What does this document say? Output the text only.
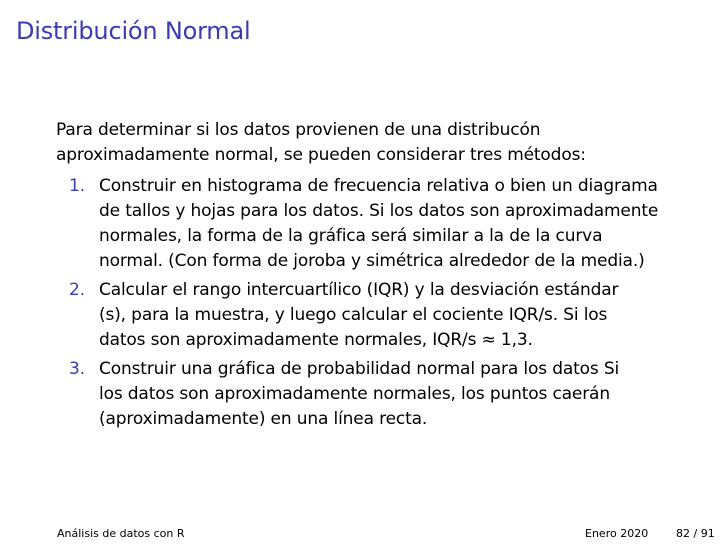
Distribución Normal

Para determinar si los datos provienen de una distribucón
aproximadamente normal, se pueden considerar tres métodos:

1. Construir en histograma de frecuencia relativa o bien un diagrama
de tallos y hojas para los datos. Si los datos son aproximadamente
normales, la forma de la gráfica será similar a la de la curva
normal. (Con forma de joroba y simétrica alrededor de la media.)
2. Calcular el rango intercuartílico (IQR) y la desviación estándar
(s), para la muestra, y luego calcular el cociente IQR/s. Si los
datos son aproximadamente normales, IQR/s ≈ 1,3.
3. Construir una gráfica de probabilidad normal para los datos Si
los datos son aproximadamente normales, los puntos caerán
(aproximadamente) en una línea recta.
Análisis de datos con R	Enero 2020	82 / 91
